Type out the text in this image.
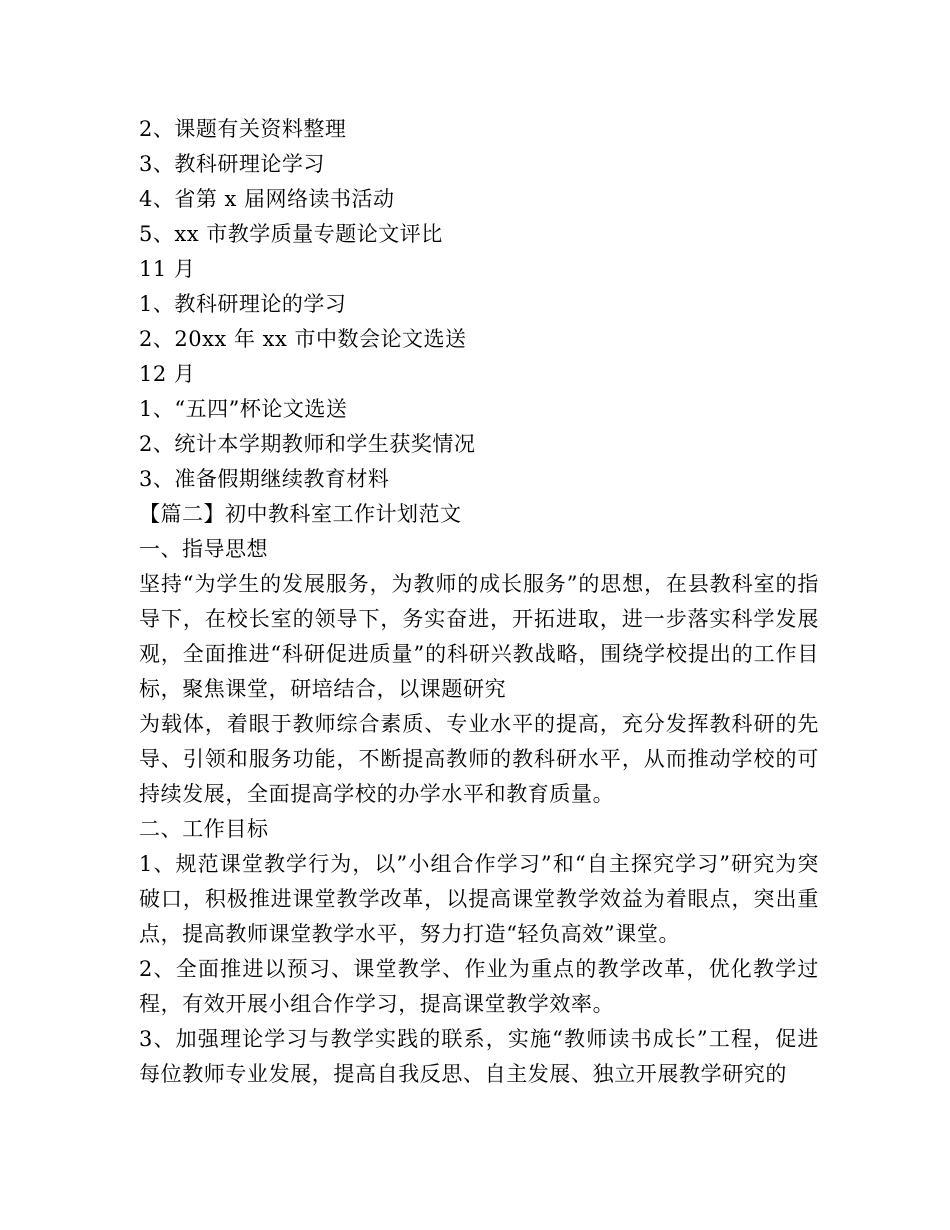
2、课题有关资料整理
3、教科研理论学习
4、省第 x 届网络读书活动
5、xx 市教学质量专题论文评比
11 月
1、教科研理论的学习
2、20xx 年 xx 市中数会论文选送
12 月
1、“五四”杯论文选送
2、统计本学期教师和学生获奖情况
3、准备假期继续教育材料
【篇二】初中教科室工作计划范文
一、指导思想
坚持“为学生的发展服务，为教师的成长服务”的思想，在县教科室的指导下，在校长室的领导下，务实奋进，开拓进取，进一步落实科学发展观，全面推进“科研促进质量”的科研兴教战略，围绕学校提出的工作目标，聚焦课堂，研培结合，以课题研究
为载体，着眼于教师综合素质、专业水平的提高，充分发挥教科研的先导、引领和服务功能，不断提高教师的教科研水平，从而推动学校的可持续发展，全面提高学校的办学水平和教育质量。
二、工作目标
1、规范课堂教学行为，以”小组合作学习”和“自主探究学习”研究为突破口，积极推进课堂教学改革，以提高课堂教学效益为着眼点，突出重点，提高教师课堂教学水平，努力打造“轻负高效”课堂。
2、全面推进以预习、课堂教学、作业为重点的教学改革，优化教学过程，有效开展小组合作学习，提高课堂教学效率。
3、加强理论学习与教学实践的联系，实施“教师读书成长”工程，促进每位教师专业发展，提高自我反思、自主发展、独立开展教学研究的
